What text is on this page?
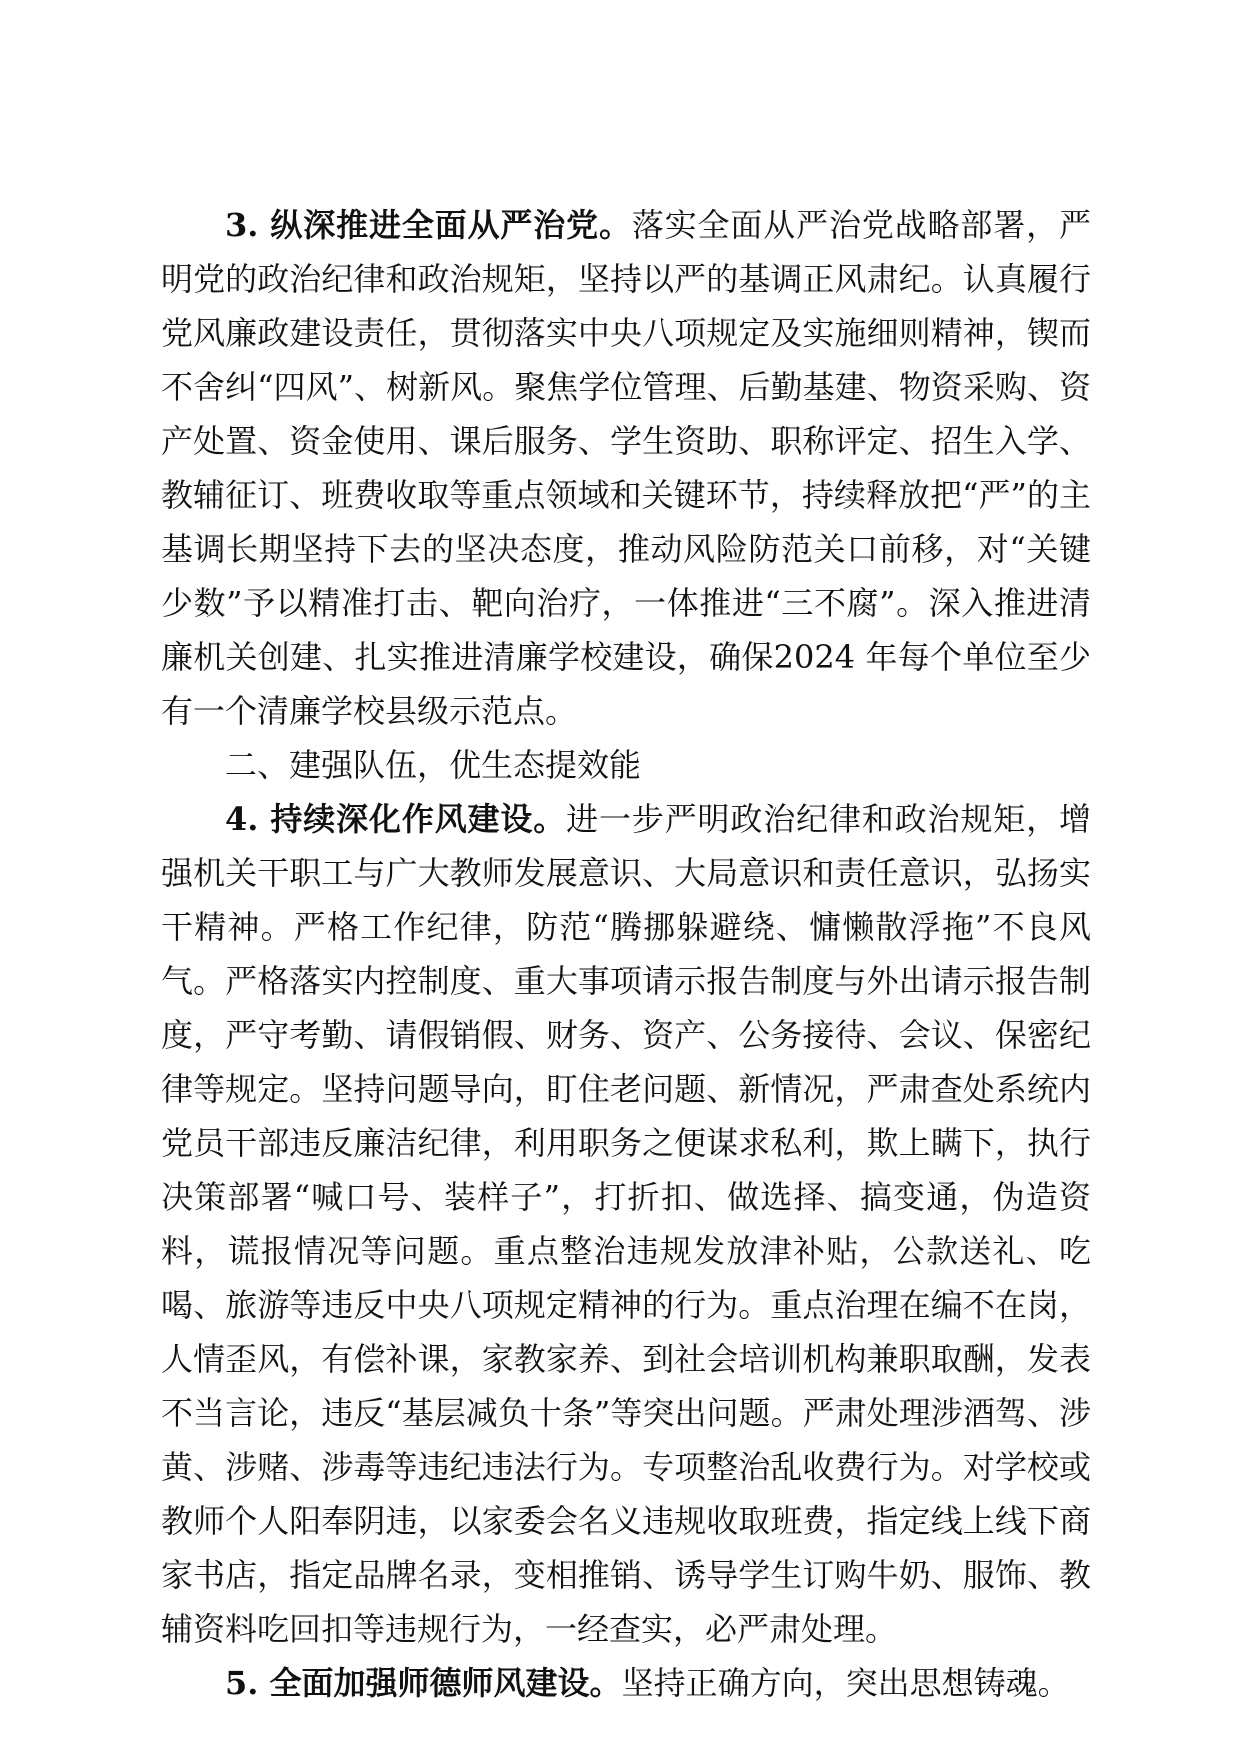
3. 纵深推进全面从严治党。落实全面从严治党战略部署，严明党的政治纪律和政治规矩，坚持以严的基调正风肃纪。认真履行党风廉政建设责任，贯彻落实中央八项规定及实施细则精神，锲而不舍纠“四风”、树新风。聚焦学位管理、后勤基建、物资采购、资产处置、资金使用、课后服务、学生资助、职称评定、招生入学、教辅征订、班费收取等重点领域和关键环节，持续释放把“严”的主基调长期坚持下去的坚决态度，推动风险防范关口前移，对“关键少数”予以精准打击、靶向治疗，一体推进“三不腐”。深入推进清廉机关创建、扎实推进清廉学校建设，确保2024 年每个单位至少有一个清廉学校县级示范点。

二、建强队伍，优生态提效能

4. 持续深化作风建设。进一步严明政治纪律和政治规矩，增强机关干职工与广大教师发展意识、大局意识和责任意识，弘扬实干精神。严格工作纪律，防范“腾挪躲避绕、慵懒散浮拖”不良风气。严格落实内控制度、重大事项请示报告制度与外出请示报告制度，严守考勤、请假销假、财务、资产、公务接待、会议、保密纪律等规定。坚持问题导向，盯住老问题、新情况，严肃查处系统内党员干部违反廉洁纪律，利用职务之便谋求私利，欺上瞒下，执行决策部署“喊口号、装样子”，打折扣、做选择、搞变通，伪造资料，谎报情况等问题。重点整治违规发放津补贴，公款送礼、吃喝、旅游等违反中央八项规定精神的行为。重点治理在编不在岗，人情歪风，有偿补课，家教家养、到社会培训机构兼职取酬，发表不当言论，违反“基层减负十条”等突出问题。严肃处理涉酒驾、涉黄、涉赌、涉毒等违纪违法行为。专项整治乱收费行为。对学校或教师个人阳奉阴违，以家委会名义违规收取班费，指定线上线下商家书店，指定品牌名录，变相推销、诱导学生订购牛奶、服饰、教辅资料吃回扣等违规行为，一经查实，必严肃处理。

5. 全面加强师德师风建设。坚持正确方向，突出思想铸魂。
